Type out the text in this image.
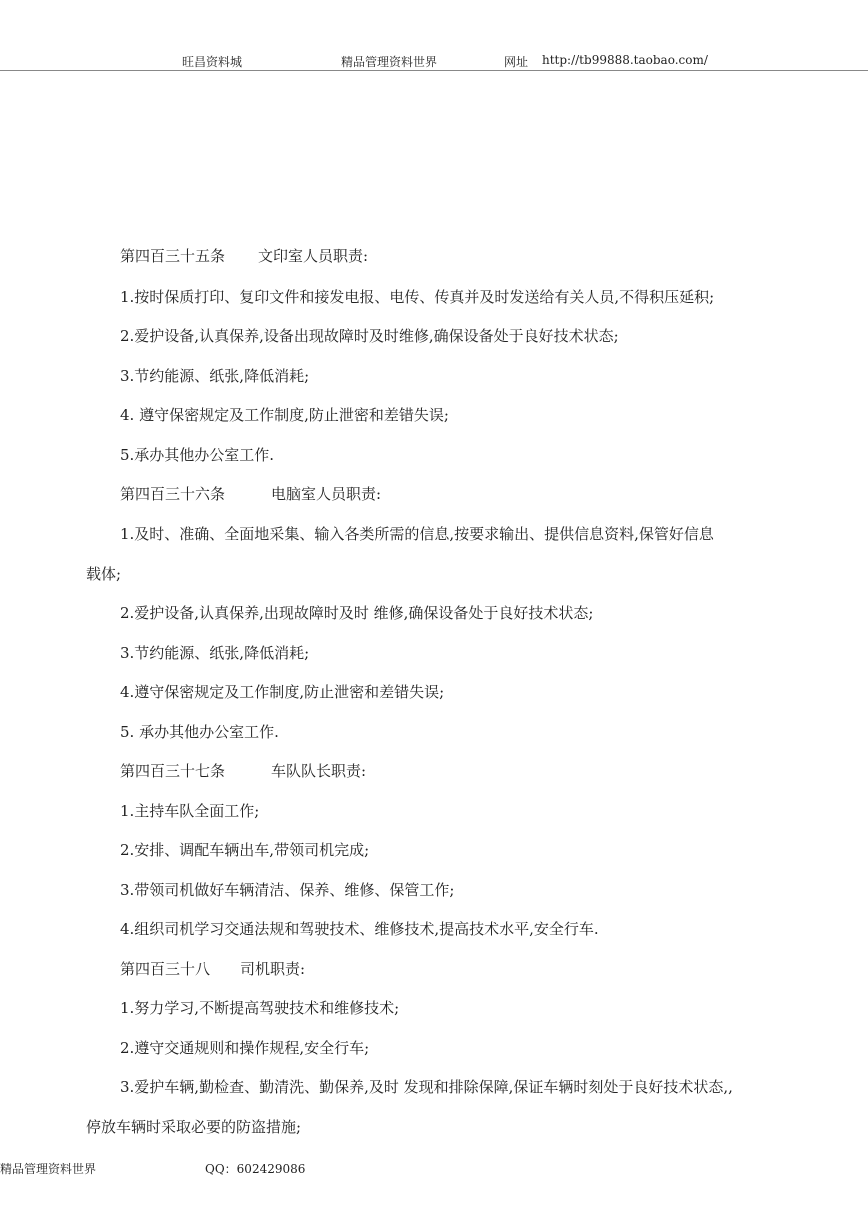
旺昌资料城	精品管理资料世界	网址 http://tb99888.taobao.com/
第四百三十五条 文印室人员职责:
1.按时保质打印、复印文件和接发电报、电传、传真并及时发送给有关人员,不得积压延积;
2.爱护设备,认真保养,设备出现故障时及时维修,确保设备处于良好技术状态;
3.节约能源、纸张,降低消耗;
4. 遵守保密规定及工作制度,防止泄密和差错失误;
5.承办其他办公室工作.
第四百三十六条	电脑室人员职责:
1.及时、准确、全面地采集、输入各类所需的信息,按要求输出、提供信息资料,保管好信息
载体;
2.爱护设备,认真保养,出现故障时及时 维修,确保设备处于良好技术状态;
3.节约能源、纸张,降低消耗;
4.遵守保密规定及工作制度,防止泄密和差错失误;
5. 承办其他办公室工作.
第四百三十七条	车队队长职责:
1.主持车队全面工作;
2.安排、调配车辆出车,带领司机完成;
3.带领司机做好车辆清洁、保养、维修、保管工作;
4.组织司机学习交通法规和驾驶技术、维修技术,提高技术水平,安全行车.
第四百三十八 司机职责:
1.努力学习,不断提高驾驶技术和维修技术;
2.遵守交通规则和操作规程,安全行车;
3.爱护车辆,勤检查、勤清洗、勤保养,及时 发现和排除保障,保证车辆时刻处于良好技术状态,,
停放车辆时采取必要的防盗措施;
精品管理资料世界	QQ：602429086
